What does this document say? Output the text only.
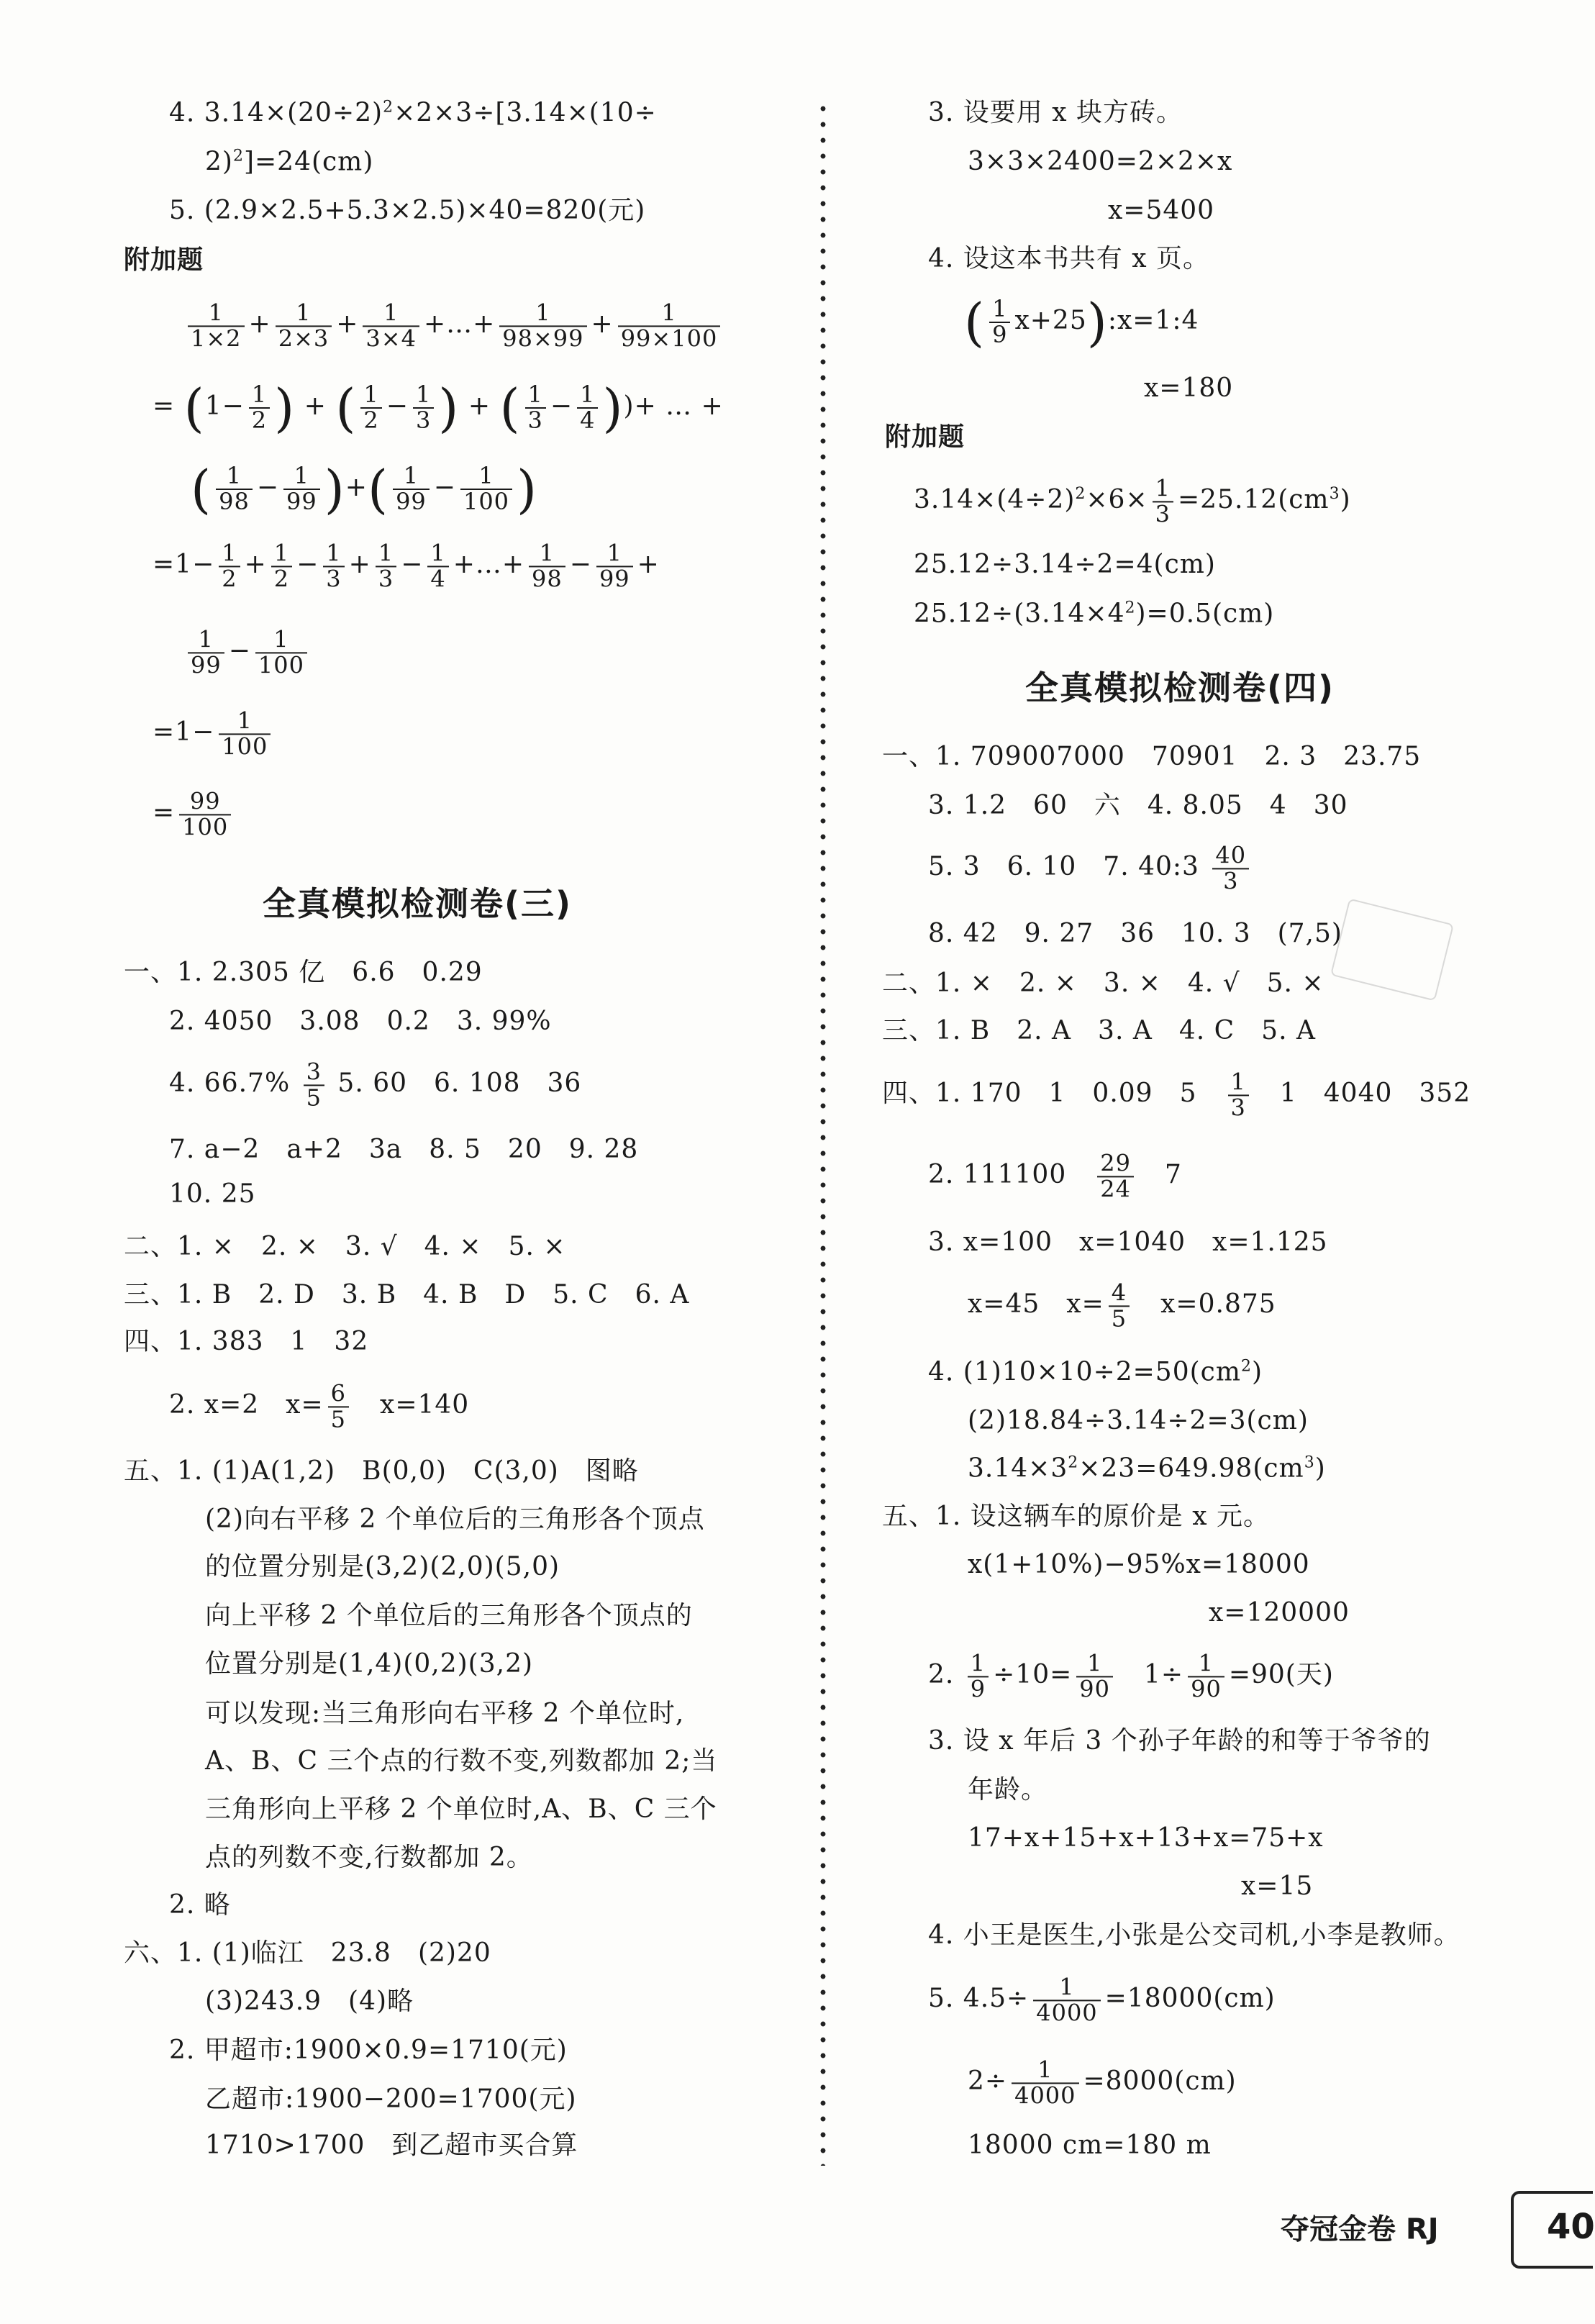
4. $3.14\times(20\div 2)^2\times 2\times 3\div[3.14\times(10\div$
2)$^2$]=24(cm)
5. (2.9×2.5+5.3×2.5)×40=820(元)
附加题
$\frac{1}{1\times 2} + \frac{1}{2\times 3} + \frac{1}{3\times 4}$ +…+ $\frac{1}{98\times 99} + \frac{1}{99\times 100}$
= ($1- \frac{1}{2}$ ) + ( $\frac{1}{2} - \frac{1}{3}$ ) + ( $\frac{1}{3} - \frac{1}{4}$ ))+ … +
( $\frac{1}{98} - \frac{1}{99}$ )+( $\frac{1}{99} - \frac{1}{100}$ )
$=1- \frac{1}{2} + \frac{1}{2} - \frac{1}{3} + \frac{1}{3} - \frac{1}{4}$ +…+ $\frac{1}{98} - \frac{1}{99}$ +
$\frac{1}{99} - \frac{1}{100}$
$=1- \frac{1}{100}$
= $\frac{99}{100}$
全真模拟检测卷(三)
一、1. 2.305 亿　6.6　0.29
2. 4050　3.08　0.2　3. 99%
4. $66.7\% \frac{3}{5} 5$. 60　6. 108　36
7. a−2　a+2　3a　8. 5　20　9. 28
10. 25
二、1. ×　2. ×　3. √　4. ×　5. ×
三、1. B　2. D　3. B　4. B　D　5. C　6. A
四、1. 383　1　32
2. x=2　$x= \frac{6}{5}$
　 x=140
五、1. (1)A(1,2)　B(0,0)　C(3,0)　图略
(2)向右平移 2 个单位后的三角形各个顶点
的位置分别是(3,2)(2,0)(5,0)
向上平移 2 个单位后的三角形各个顶点的
位置分别是(1,4)(0,2)(3,2)
可以发现:当三角形向右平移 2 个单位时,
A、B、C 三个点的行数不变,列数都加 2;当
三角形向上平移 2 个单位时,A、B、C 三个
点的列数不变,行数都加 2。
2. 略
六、1. (1)临江　23.8　(2)20
(3)243.9　(4)略
2. 甲超市:1900×0.9=1710(元)
乙超市:1900−200=1700(元)
1710>1700　到乙超市买合算
3. 设要用 x 块方砖。
3×3×2400=2×2×x
x=5400
4. 设这本书共有 x 页。
( $\frac{1}{9}$ x+25):x=1:4
x=180
附加题
$3.14\times(4\div 2)^2\times 6\times \frac{1}{3} =25.12(cm^3)$
25.12÷3.14÷2=4(cm)
$25.12\div(3.14\times 4^2)=0.5(cm)$
全真模拟检测卷(四)
一、1. 709007000　70901　2. 3　23.75
3. 1.2　60　六　4. 8.05　4　30
5. 3　6. 10　7. 40:3 $\frac{40}{3}$
8. 42　9. 27　36　10. 3　(7,5)
二、1. ×　2. ×　3. ×　4. √　5. ×
三、1. B　2. A　3. A　4. C　5. A
四、1. 170　1　0.09　5　 $\frac{1}{3}$
　 1　4040　352
2. 111100　 $\frac{29}{24}$
　 7
3. x=100　x=1040　x=1.125
x=45　$x= \frac{4}{5}$
　 x=0.875
4. $(1)10\times 10\div 2=50(cm^2)$
(2)18.84÷3.14÷2=3(cm)
$3.14\times 3^2\times 23=649.98(cm^3)$
五、1. 设这辆车的原价是 x 元。
x(1+10%)−95%x=18000
x=120000
2. $\frac{1}{9} \div 10= \frac{1}{90}$
　 $1\div \frac{1}{90} =90$(天)
3. 设 x 年后 3 个孙子年龄的和等于爷爷的
年龄。
17+x+15+x+13+x=75+x
x=15
4. 小王是医生,小张是公交司机,小李是教师。
5. $4.5\div \frac{1}{4000} =18000(cm)$
$2\div \frac{1}{4000} =8000(cm)$
18000 cm=180 m
夺冠金卷 RJ	40
